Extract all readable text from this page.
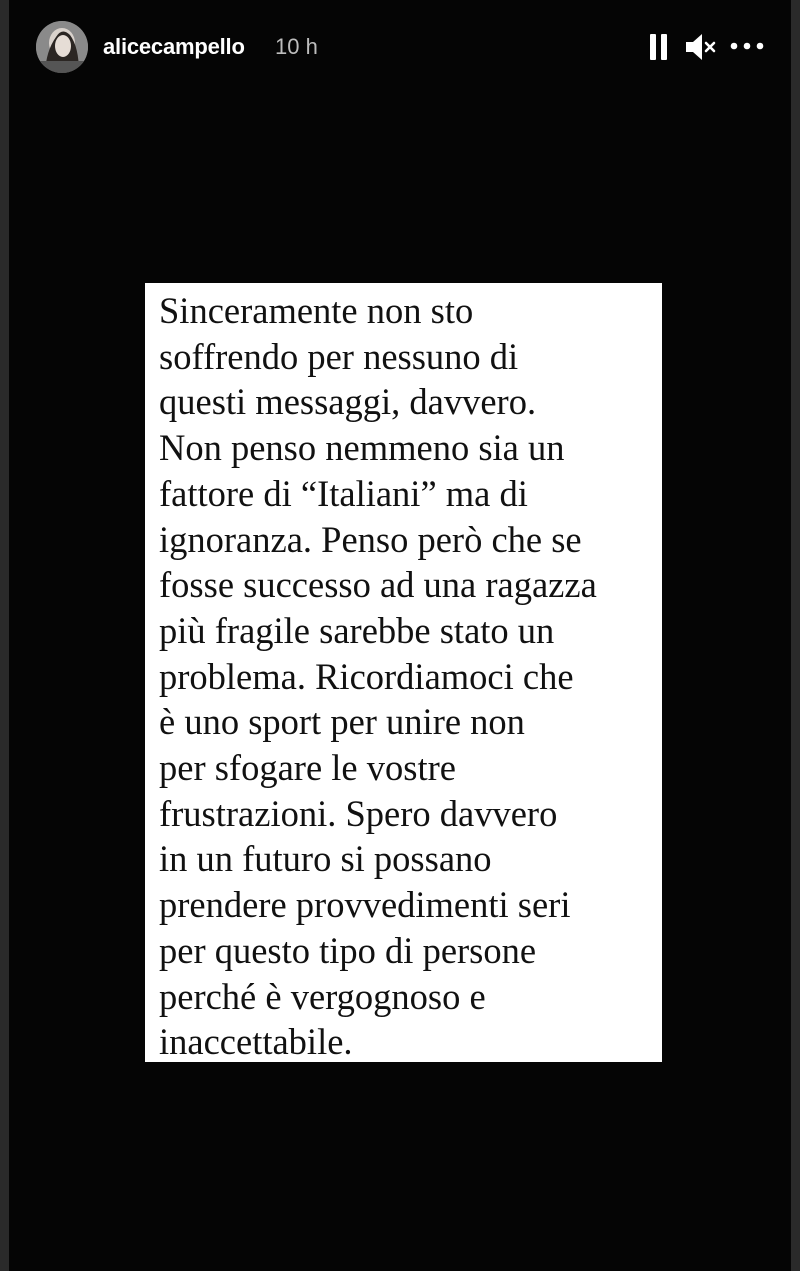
alicecampello 10 h
Sinceramente non sto
soffrendo per nessuno di
questi messaggi, davvero.
Non penso nemmeno sia un
fattore di “Italiani” ma di
ignoranza. Penso però che se
fosse successo ad una ragazza
più fragile sarebbe stato un
problema. Ricordiamoci che
è uno sport per unire non
per sfogare le vostre
frustrazioni. Spero davvero
in un futuro si possano
prendere provvedimenti seri
per questo tipo di persone
perché è vergognoso e
inaccettabile.
